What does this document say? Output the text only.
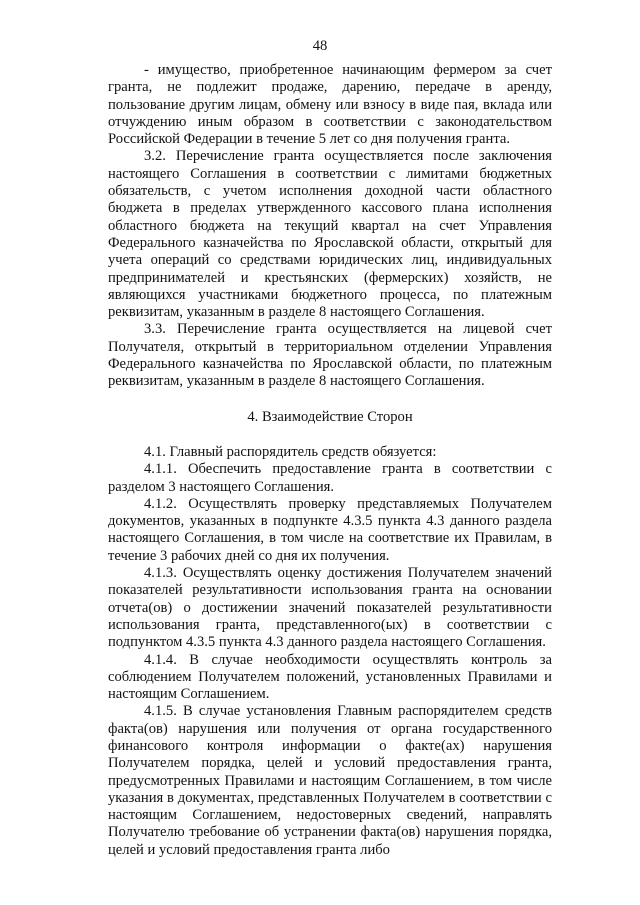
48

- имущество, приобретенное начинающим фермером за счет гранта, не подлежит продаже, дарению, передаче в аренду, пользование другим лицам, обмену или взносу в виде пая, вклада или отчуждению иным образом в соответствии с законодательством Российской Федерации в течение 5 лет со дня получения гранта.

3.2. Перечисление гранта осуществляется после заключения настоящего Соглашения в соответствии с лимитами бюджетных обязательств, с учетом исполнения доходной части областного бюджета в пределах утвержденного кассового плана исполнения областного бюджета на текущий квартал на счет Управления Федерального казначейства по Ярославской области, открытый для учета операций со средствами юридических лиц, индивидуальных предпринимателей и крестьянских (фермерских) хозяйств, не являющихся участниками бюджетного процесса, по платежным реквизитам, указанным в разделе 8 настоящего Соглашения.

3.3. Перечисление гранта осуществляется на лицевой счет Получателя, открытый в территориальном отделении Управления Федерального казначейства по Ярославской области, по платежным реквизитам, указанным в разделе 8 настоящего Соглашения.

4. Взаимодействие Сторон

4.1. Главный распорядитель средств обязуется:

4.1.1. Обеспечить предоставление гранта в соответствии с разделом 3 настоящего Соглашения.

4.1.2. Осуществлять проверку представляемых Получателем документов, указанных в подпункте 4.3.5 пункта 4.3 данного раздела настоящего Соглашения, в том числе на соответствие их Правилам, в течение 3 рабочих дней со дня их получения.

4.1.3. Осуществлять оценку достижения Получателем значений показателей результативности использования гранта на основании отчета(ов) о достижении значений показателей результативности использования гранта, представленного(ых) в соответствии с подпунктом 4.3.5 пункта 4.3 данного раздела настоящего Соглашения.

4.1.4. В случае необходимости осуществлять контроль за соблюдением Получателем положений, установленных Правилами и настоящим Соглашением.

4.1.5. В случае установления Главным распорядителем средств факта(ов) нарушения или получения от органа государственного финансового контроля информации о факте(ах) нарушения Получателем порядка, целей и условий предоставления гранта, предусмотренных Правилами и настоящим Соглашением, в том числе указания в документах, представленных Получателем в соответствии с настоящим Соглашением, недостоверных сведений, направлять Получателю требование об устранении факта(ов) нарушения порядка, целей и условий предоставления гранта либо
